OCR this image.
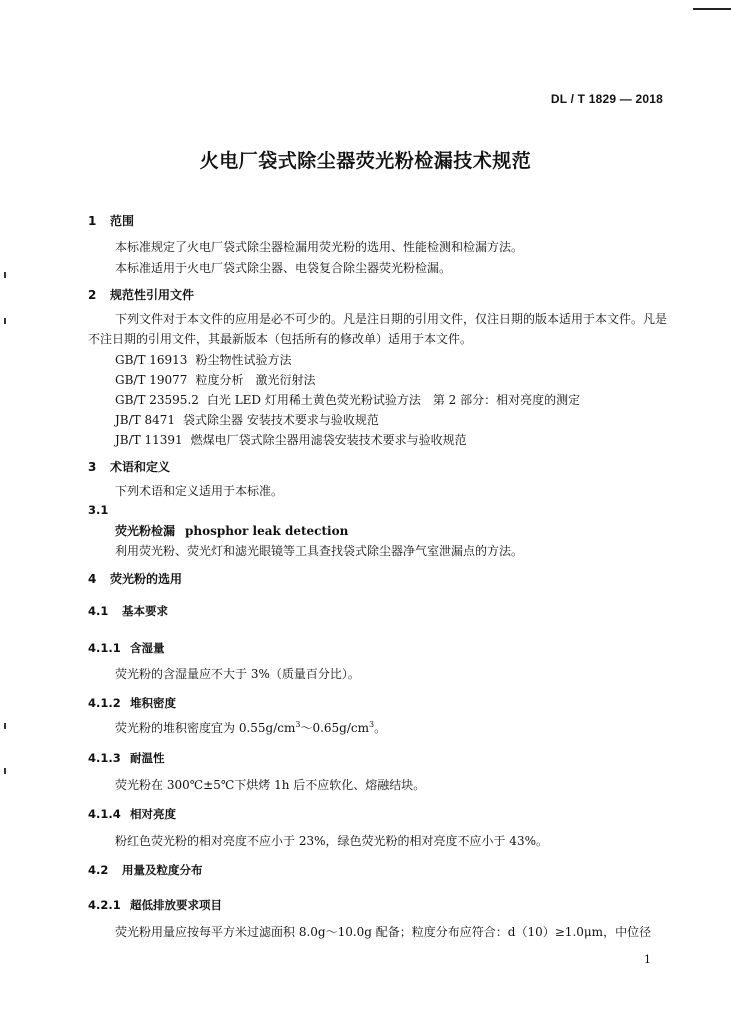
DL / T 1829 — 2018
火电厂袋式除尘器荧光粉检漏技术规范
1 范围
本标准规定了火电厂袋式除尘器检漏用荧光粉的选用、性能检测和检漏方法。
本标准适用于火电厂袋式除尘器、电袋复合除尘器荧光粉检漏。
2 规范性引用文件
下列文件对于本文件的应用是必不可少的。凡是注日期的引用文件，仅注日期的版本适用于本文件。凡是不注日期的引用文件，其最新版本（包括所有的修改单）适用于本文件。
GB/T 16913 粉尘物性试验方法
GB/T 19077 粒度分析　激光衍射法
GB/T 23595.2 白光 LED 灯用稀土黄色荧光粉试验方法　第 2 部分：相对亮度的测定
JB/T 8471 袋式除尘器 安装技术要求与验收规范
JB/T 11391 燃煤电厂袋式除尘器用滤袋安装技术要求与验收规范
3 术语和定义
下列术语和定义适用于本标准。
3.1
荧光粉检漏 phosphor leak detection
利用荧光粉、荧光灯和滤光眼镜等工具查找袋式除尘器净气室泄漏点的方法。
4 荧光粉的选用
4.1 基本要求
4.1.1 含湿量
荧光粉的含湿量应不大于 3%（质量百分比）。
4.1.2 堆积密度
荧光粉的堆积密度宜为 $0.55g/cm^3\sim 0.65g/cm^3$。
4.1.3 耐温性
荧光粉在 300℃±5℃下烘烤 1h 后不应软化、熔融结块。
4.1.4 相对亮度
粉红色荧光粉的相对亮度不应小于 23%，绿色荧光粉的相对亮度不应小于 43%。
4.2 用量及粒度分布
4.2.1 超低排放要求项目
荧光粉用量应按每平方米过滤面积 8.0g～10.0g 配备；粒度分布应符合：d（10）≥1.0μm，中位径
1
